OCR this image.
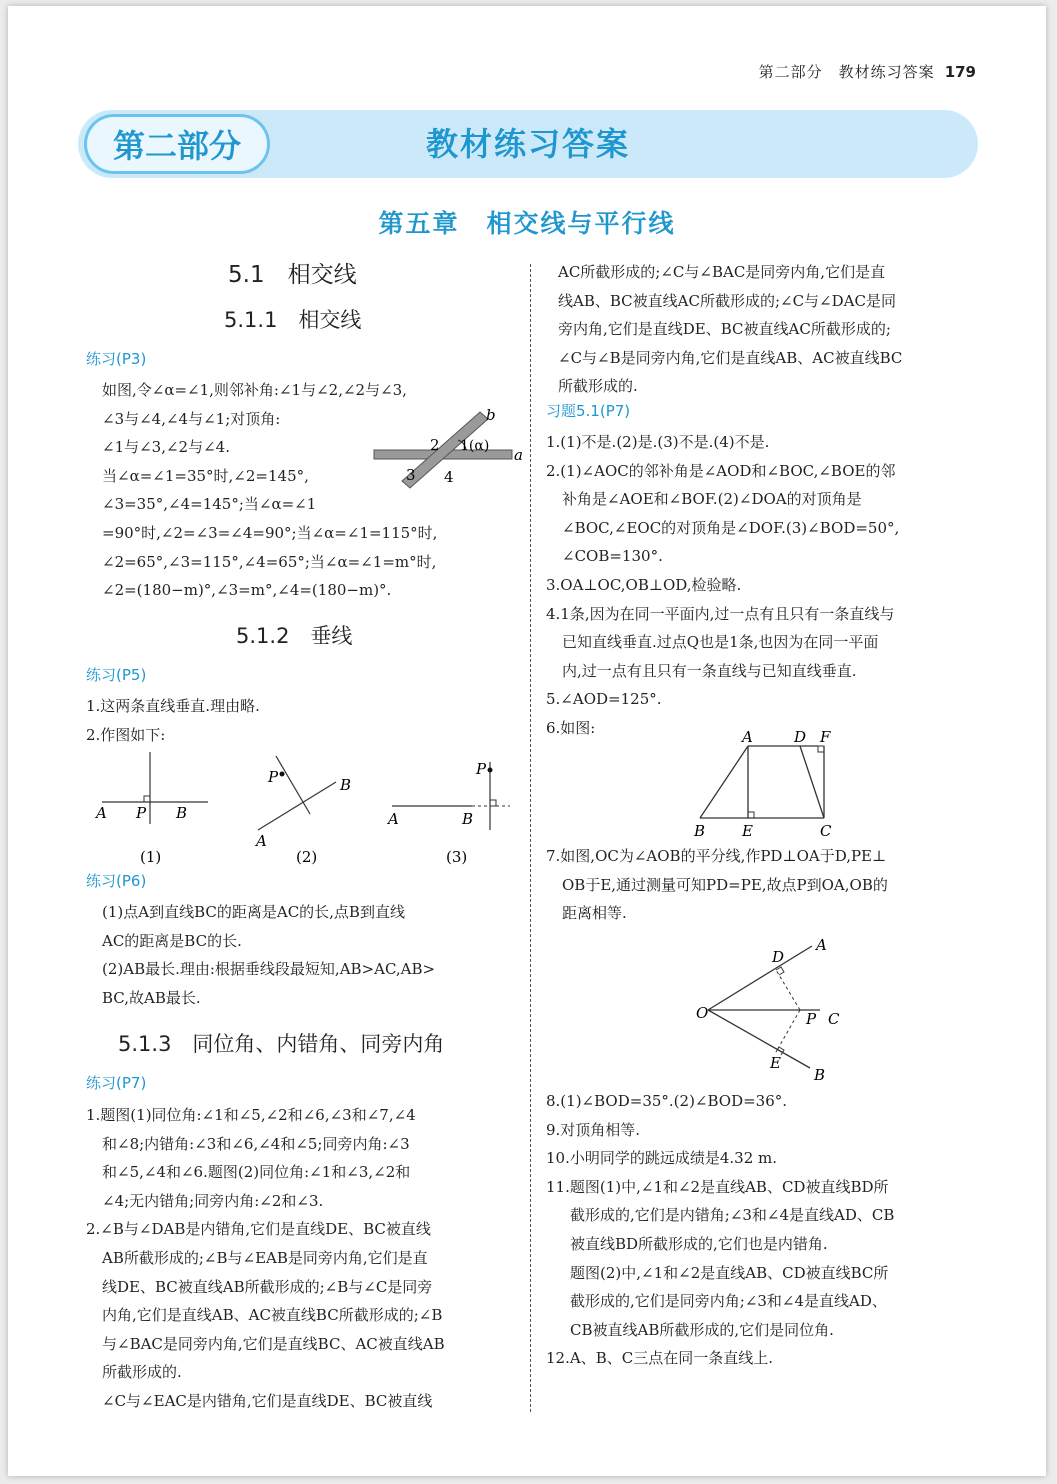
第二部分　 教材练习答案 179
第二部分	教材练习答案
第五章　相交线与平行线
5.1　相交线
5.1.1　相交线
练习(P3)

如图,令∠α=∠1,则邻补角:∠1与∠2,∠2与∠3,

∠3与∠4,∠4与∠1;对顶角:

∠1与∠3,∠2与∠4.

当∠α=∠1=35°时,∠2=145°,

∠3=35°,∠4=145°;当∠α=∠1

=90°时,∠2=∠3=∠4=90°;当∠α=∠1=115°时,

∠2=65°,∠3=115°,∠4=65°;当∠α=∠1=m°时,

∠2=(180−m)°,∠3=m°,∠4=(180−m)°.

b
a
1(α)
2
3 4
5.1.2　垂线
练习(P5)

1.这两条直线垂直.理由略.

2.作图如下:

A P B
(1)
P	B
A
(2)
P
A	B
(3)
练习(P6)

(1)点A到直线BC的距离是AC的长,点B到直线

AC的距离是BC的长.

(2)AB最长.理由:根据垂线段最短知,AB>AC,AB>

BC,故AB最长.

5.1.3　同位角、内错角、同旁内角
练习(P7)

1.题图(1)同位角:∠1和∠5,∠2和∠6,∠3和∠7,∠4

和∠8;内错角:∠3和∠6,∠4和∠5;同旁内角:∠3

和∠5,∠4和∠6.题图(2)同位角:∠1和∠3,∠2和

∠4;无内错角;同旁内角:∠2和∠3.

2.∠B与∠DAB是内错角,它们是直线DE、BC被直线

AB所截形成的;∠B与∠EAB是同旁内角,它们是直

线DE、BC被直线AB所截形成的;∠B与∠C是同旁

内角,它们是直线AB、AC被直线BC所截形成的;∠B

与∠BAC是同旁内角,它们是直线BC、AC被直线AB

所截形成的.

∠C与∠EAC是内错角,它们是直线DE、BC被直线

AC所截形成的;∠C与∠BAC是同旁内角,它们是直

线AB、BC被直线AC所截形成的;∠C与∠DAC是同

旁内角,它们是直线DE、BC被直线AC所截形成的;

∠C与∠B是同旁内角,它们是直线AB、AC被直线BC

所截形成的.

习题5.1(P7)

1.(1)不是.(2)是.(3)不是.(4)不是.

2.(1)∠AOC的邻补角是∠AOD和∠BOC,∠BOE的邻

补角是∠AOE和∠BOF.(2)∠DOA的对顶角是

∠BOC,∠EOC的对顶角是∠DOF.(3)∠BOD=50°,

∠COB=130°.

3.OA⊥OC,OB⊥OD,检验略.

4.1条,因为在同一平面内,过一点有且只有一条直线与

已知直线垂直.过点Q也是1条,也因为在同一平面

内,过一点有且只有一条直线与已知直线垂直.

5.∠AOD=125°.

6.如图:

A	D F
B E	C

7.如图,OC为∠AOB的平分线,作PD⊥OA于D,PE⊥

OB于E,通过测量可知PD=PE,故点P到OA,OB的

距离相等.

A
D
O	P C
E
B

8.(1)∠BOD=35°.(2)∠BOD=36°.

9.对顶角相等.

10.小明同学的跳远成绩是4.32 m.

11.题图(1)中,∠1和∠2是直线AB、CD被直线BD所

截形成的,它们是内错角;∠3和∠4是直线AD、CB

被直线BD所截形成的,它们也是内错角.

题图(2)中,∠1和∠2是直线AB、CD被直线BC所

截形成的,它们是同旁内角;∠3和∠4是直线AD、

CB被直线AB所截形成的,它们是同位角.

12.A、B、C三点在同一条直线上.
